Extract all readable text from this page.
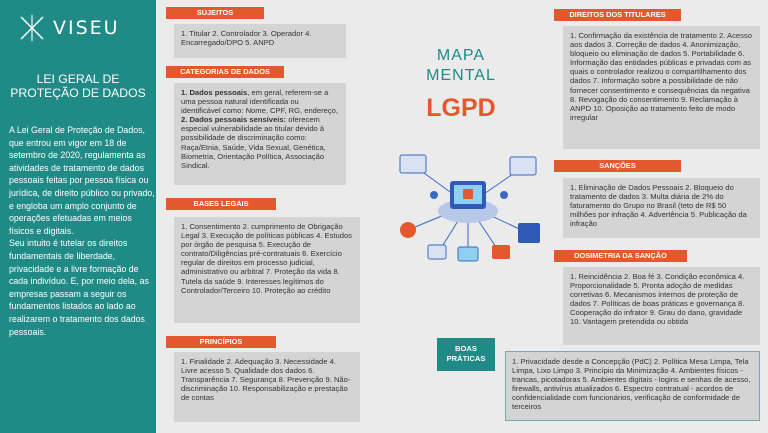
VISEU
LEI GERAL DE
PROTEÇÃO DE DADOS

A Lei Geral de Proteção de Dados, que entrou em vigor em 18 de setembro de 2020, regulamenta as atividades de tratamento de dados pessoais feitas por pessoa física ou jurídica, de direito público ou privado, e engloba um amplo conjunto de operações efetuadas em meios físicos e digitais.

Seu intuito é tutelar os direitos fundamentais de liberdade, privacidade e a livre formação de cada indivíduo. E, por meio dela, as empresas passam a seguir os fundamentos listados ao lado ao realizarem o tratamento dos dados pessoais.

SUJEITOS
1. Titular 2. Controlador 3. Operador 4. Encarregado/DPO 5. ANPD
CATEGORIAS DE DADOS
1. Dados pessoais, em geral, referem-se a uma pessoa natural identificada ou identificável como: Nome, CPF, RG, endereço,
2. Dados pessoais sensíveis: oferecem especial vulnerabilidade ao titular devido à possibilidade de discriminação como: Raça/Etnia, Saúde, Vida Sexual, Genética, Biometria, Orientação Política, Associação Sindical.
BASES LEGAIS
1. Consentimento 2. cumprimento de Obrigação Legal 3. Execução de políticas públicas 4. Estudos por órgão de pesquisa 5. Execução de contrato/Diligências pré-contratuais 6. Exercício regular de direitos em processo judicial, administrativo ou arbitral 7. Proteção da vida 8. Tutela da saúde 9. Interesses legítimos do Controlador/Terceiro 10. Proteção ao crédito
PRINCÍPIOS
1. Finalidade 2. Adequação 3. Necessidade 4. Livre acesso 5. Qualidade dos dados 6. Transparência 7. Segurança 8. Prevenção 9. Não-discriminação 10. Responsabilização e prestação de contas
MAPA
MENTAL
LGPD
DIREITOS DOS TITULARES
1. Confirmação da existência de tratamento 2. Acesso aos dados 3. Correção de dados 4. Anonimização, bloqueio ou eliminação de dados 5. Portabilidade 6. Informação das entidades públicas e privadas com as quais o controlador realizou o compartilhamento dos dados 7. Informação sobre a possibilidade de não fornecer consentimento e consequências da negativa 8. Revogação do consentimento 9. Reclamação à ANPD 10. Oposição ao tratamento feito de modo irregular
SANÇÕES
1. Eliminação de Dados Pessoais 2. Bloqueio do tratamento de dados 3. Multa diária de 2% do faturamento do Grupo no Brasil (teto de R$ 50 milhões por infração 4. Advertência 5. Publicação da infração
DOSIMETRIA DA SANÇÃO
1. Reincidência 2. Boa fé 3. Condição econômica 4. Proporcionalidade 5. Pronta adoção de medidas corretivas 6. Mecanismos internos de proteção de dados 7. Políticas de boas práticas e governança 8. Cooperação do infrator 9. Grau do dano, gravidade 10. Vantagem pretendida ou obtida
BOAS
PRÁTICAS	1. Privacidade desde a Concepção (PdC) 2. Política Mesa Limpa, Tela Limpa, Lixo Limpo 3. Princípio da Minimização 4. Ambientes físicos - trancas, picotadoras 5. Ambientes digitais - logins e senhas de acesso, firewalls, antivírus atualizados 6. Espectro contratual - acordos de confidencialidade com funcionários, verificação de conformidade de terceiros
